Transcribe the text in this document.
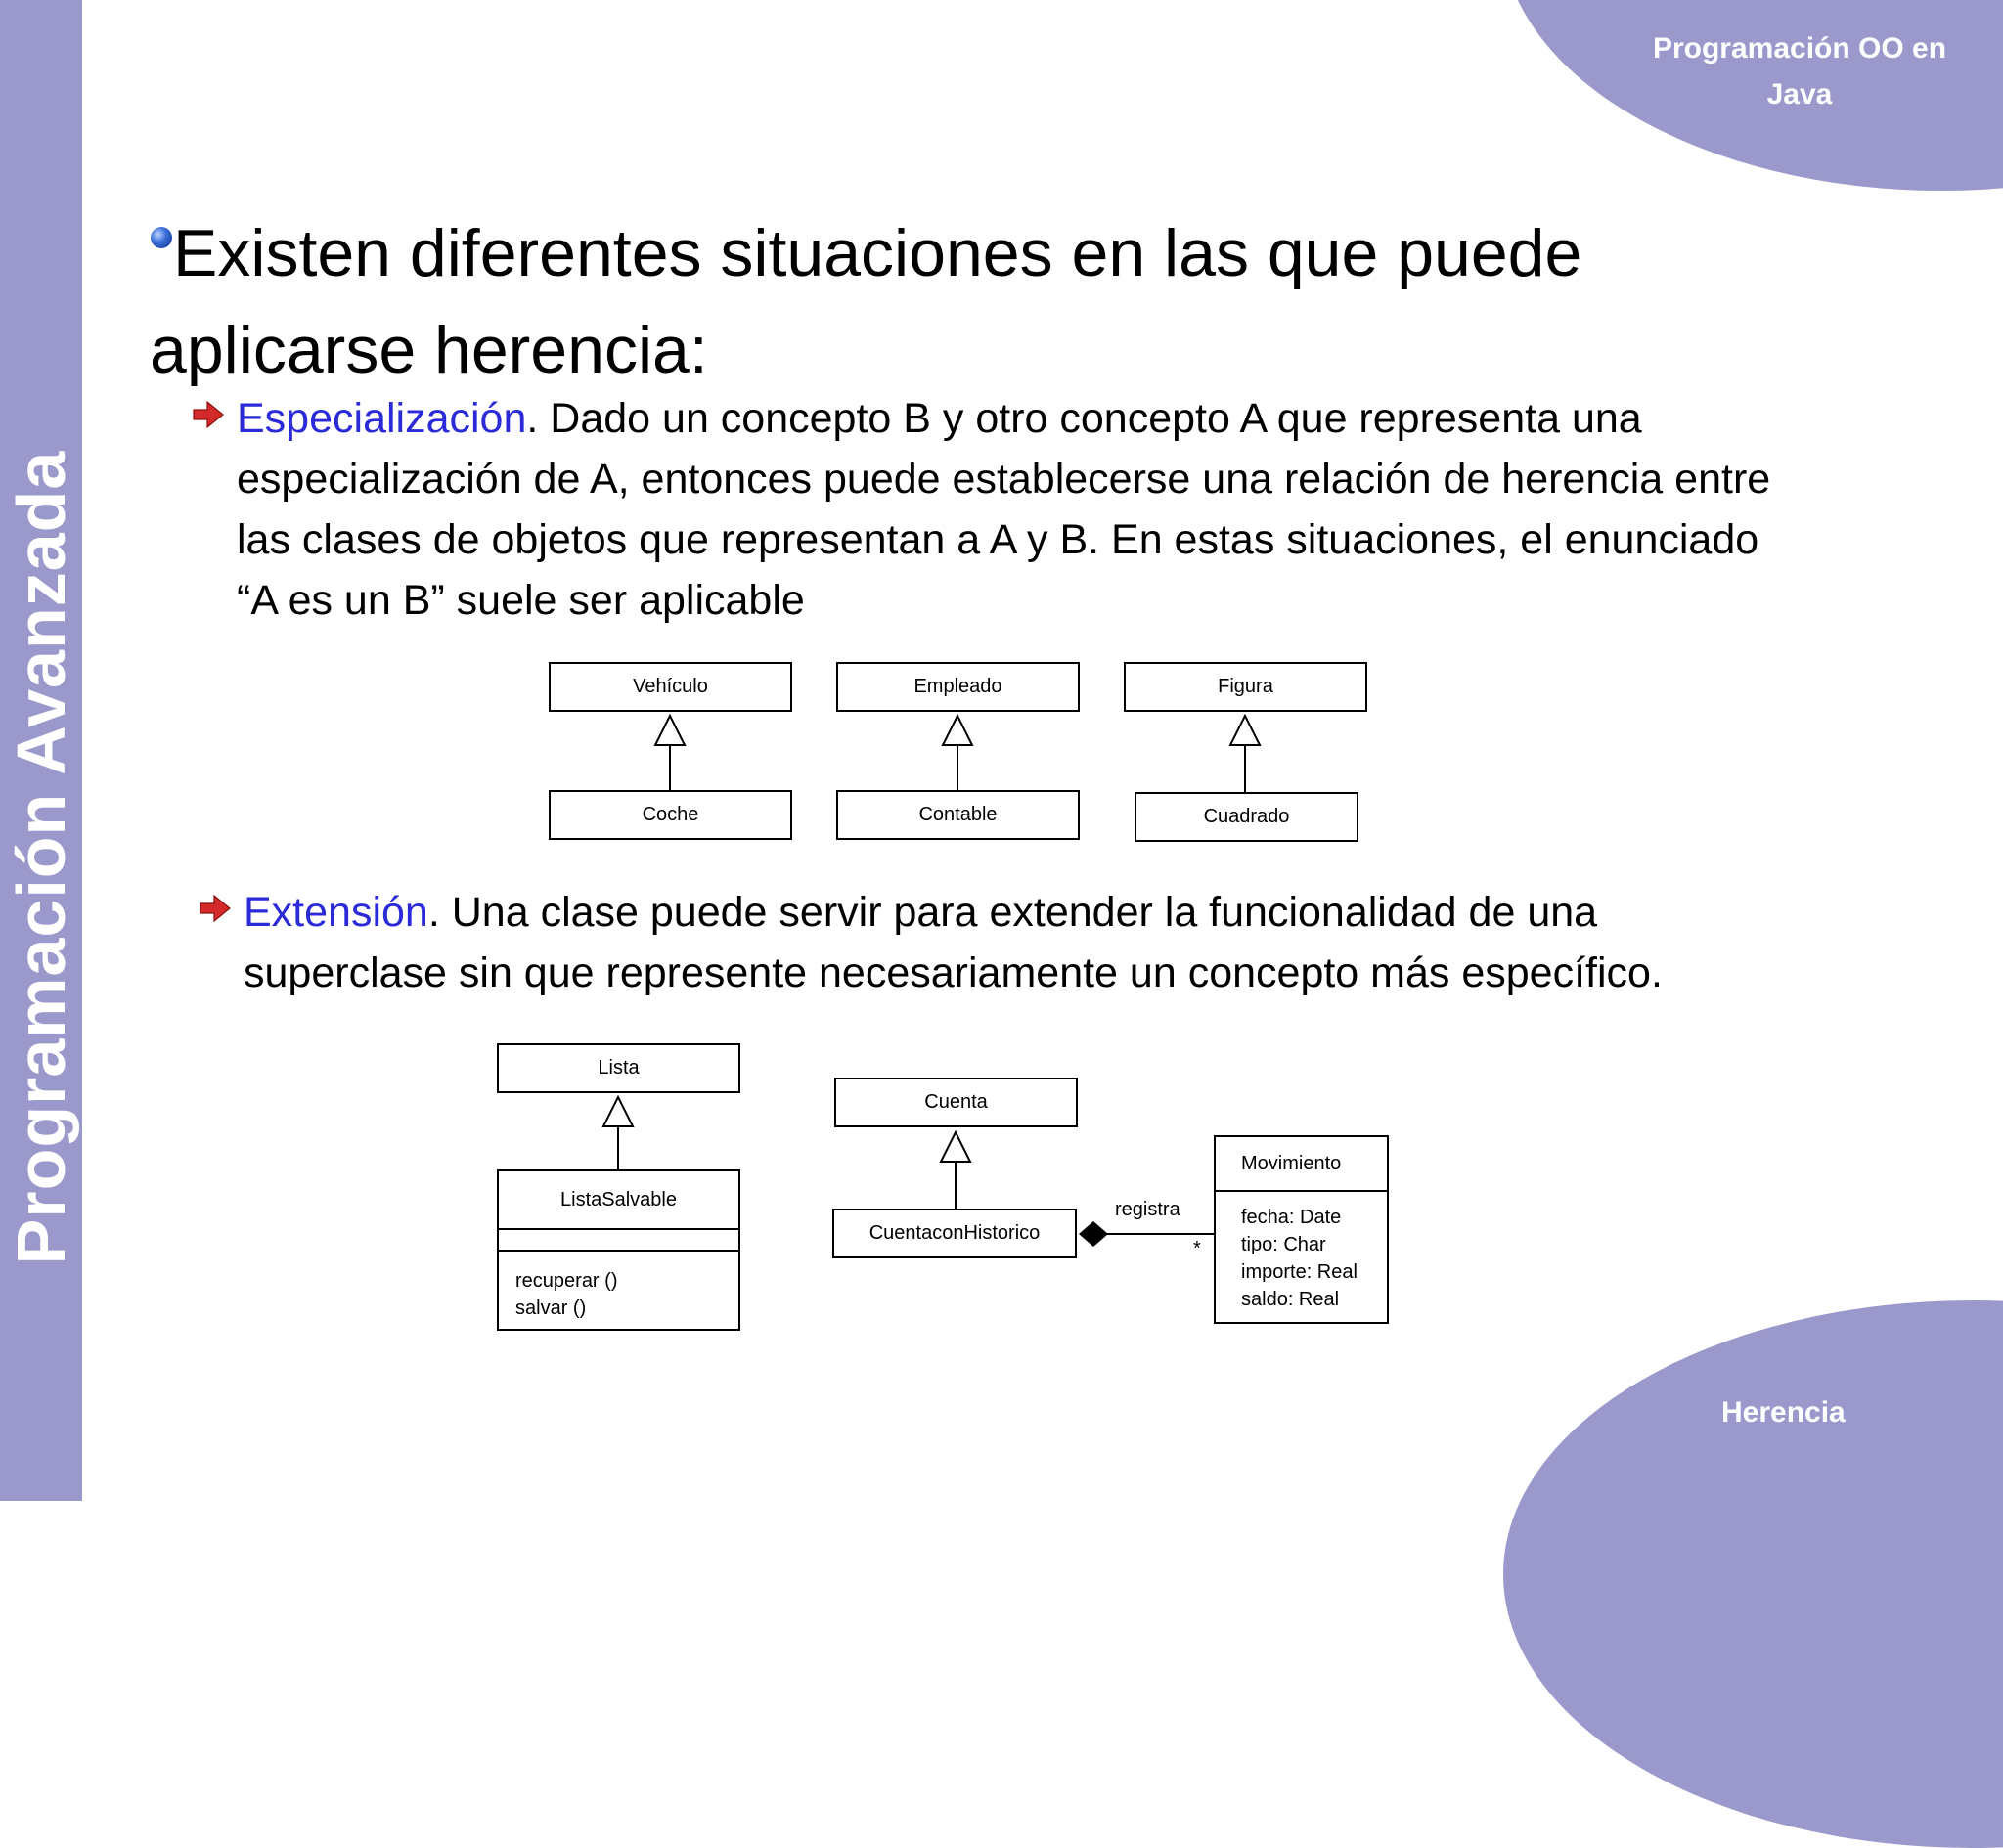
Programación Avanzada
Programación OO en Java
Herencia
Existen diferentes situaciones en las que puede aplicarse herencia:
Especialización. Dado un concepto B y otro concepto A que representa una especialización de A, entonces puede establecerse una relación de herencia entre las clases de objetos que representan a A y B. En estas situaciones, el enunciado “A es un B” suele ser aplicable
Vehículo
Coche
Empleado
Contable
Figura
Cuadrado
Extensión. Una clase puede servir para extender la funcionalidad de una superclase sin que represente necesariamente un concepto más específico.
Lista
ListaSalvable
recuperar ()
salvar ()
Cuenta
CuentaconHistorico
registra
*
Movimiento
fecha: Date
tipo: Char
importe: Real
saldo: Real
